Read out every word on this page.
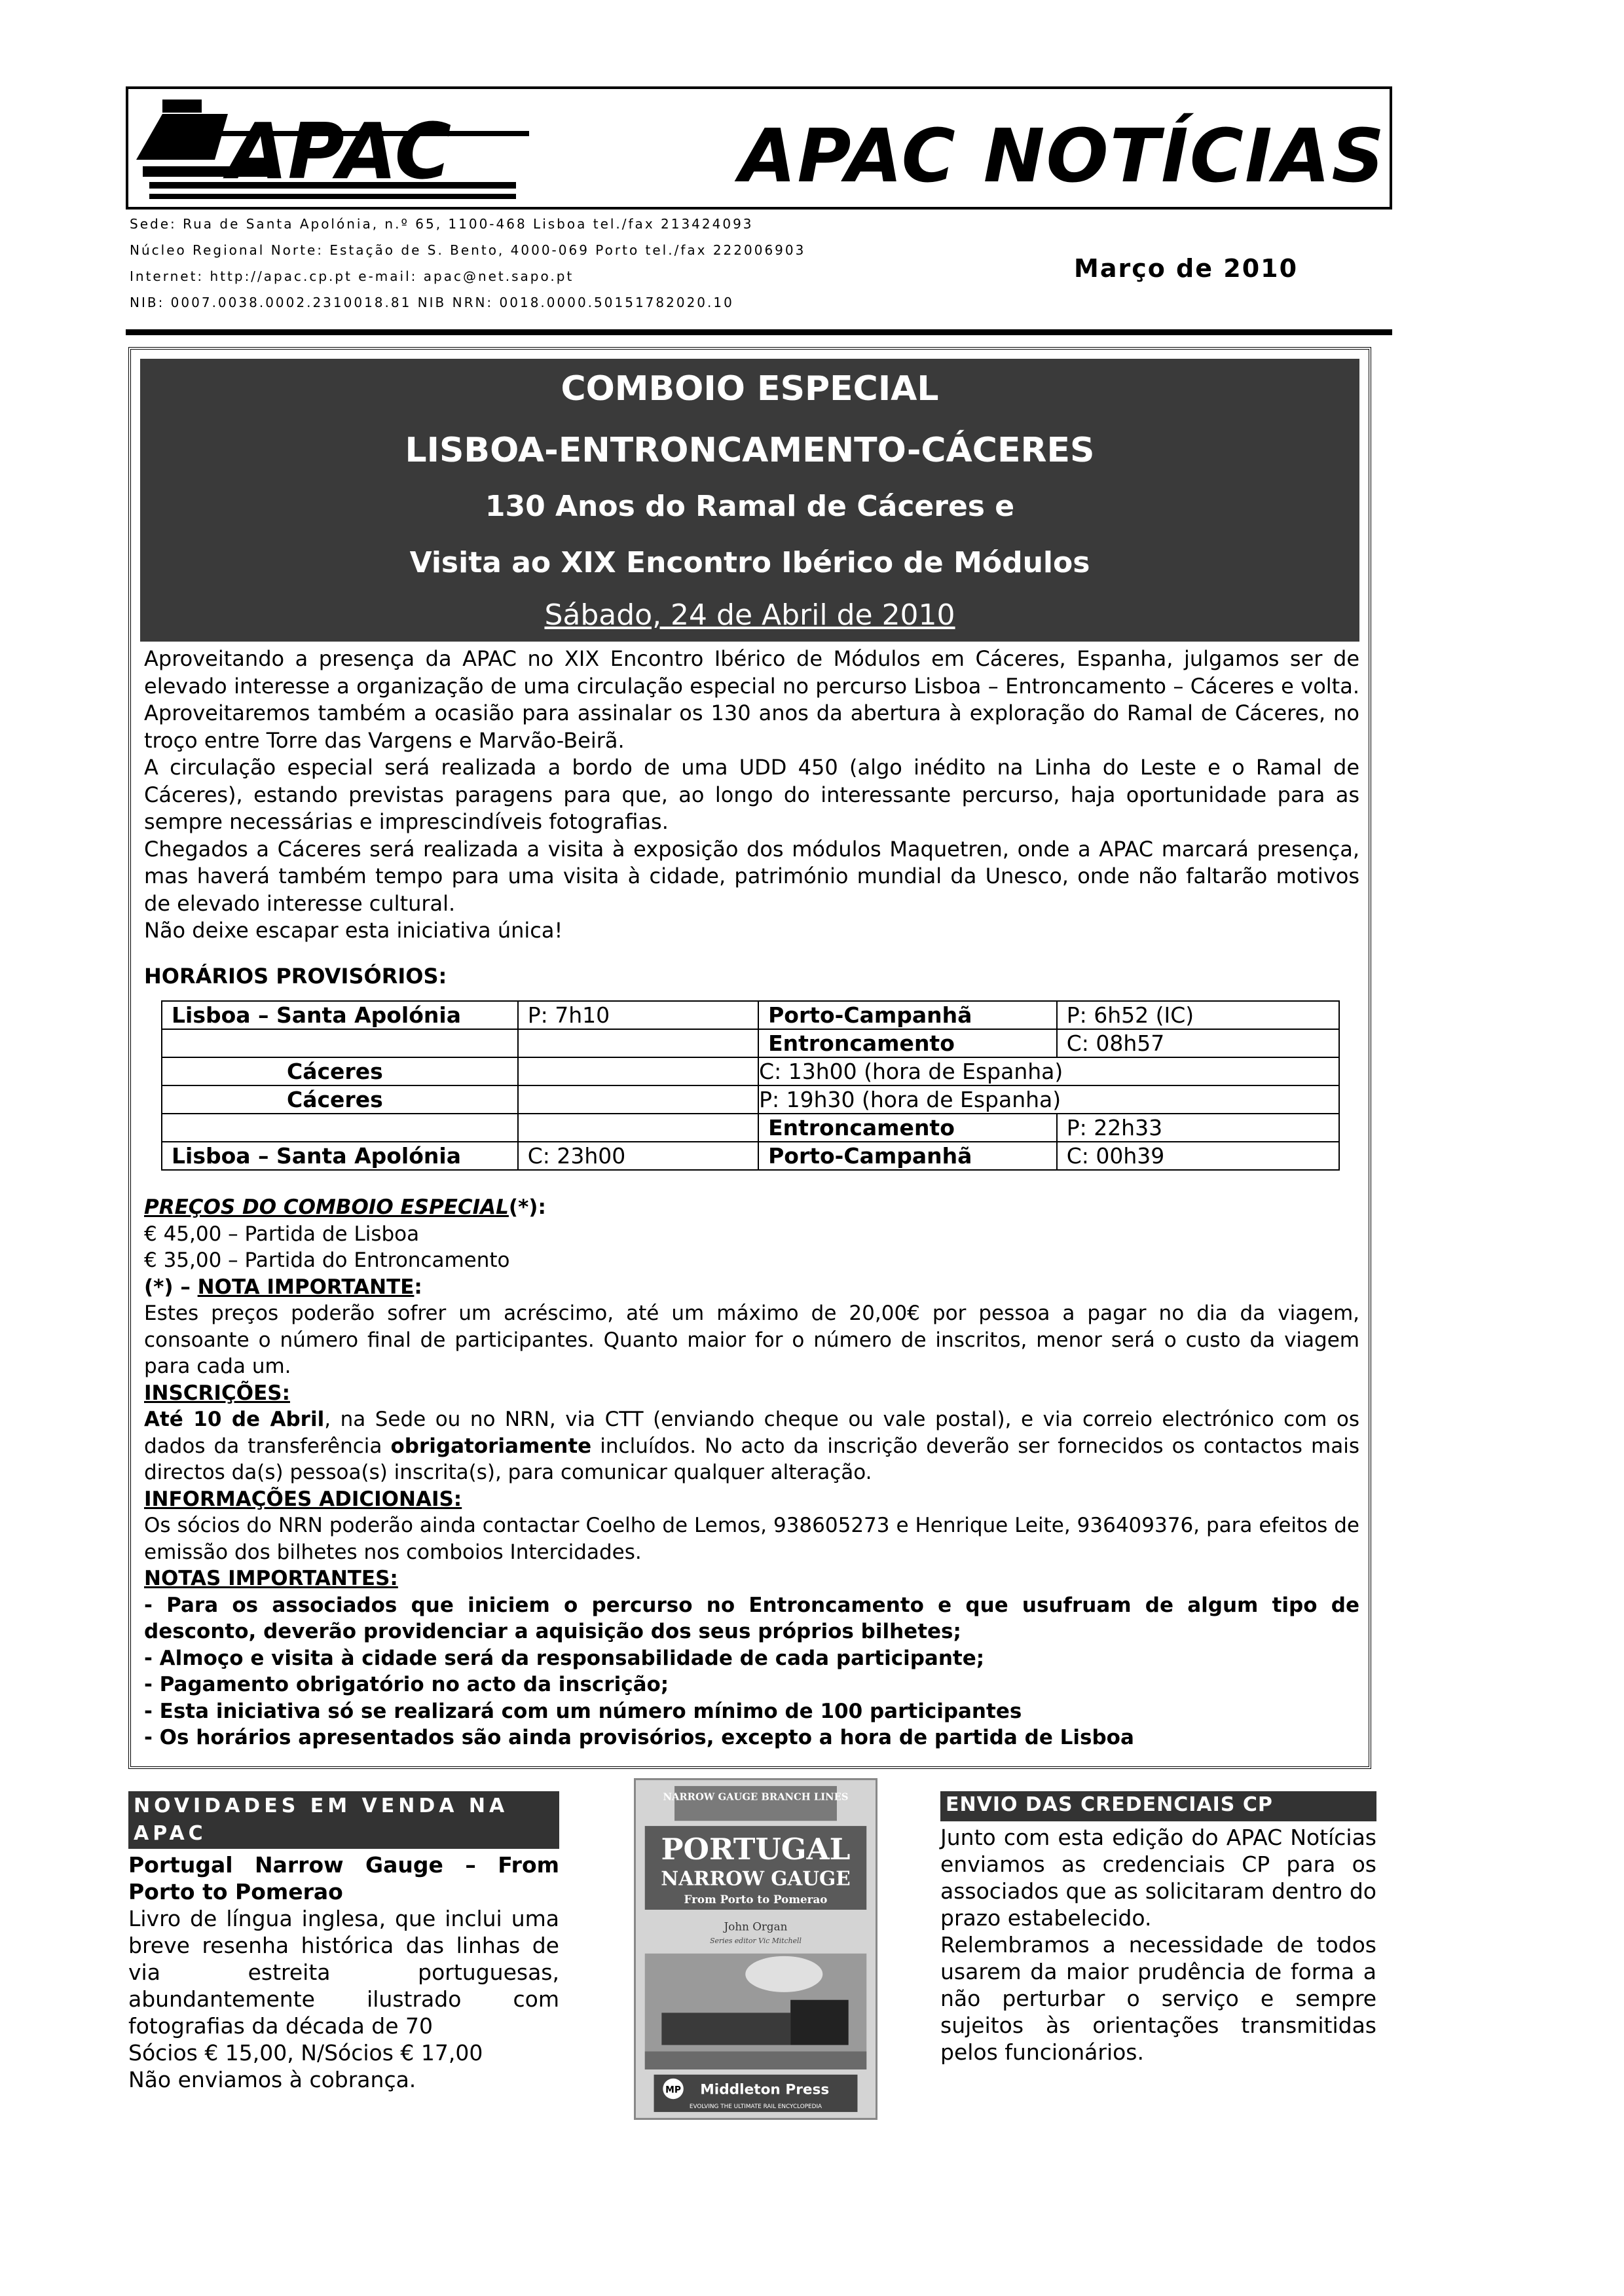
APAC	APAC NOTÍCIAS
Sede: Rua de Santa Apolónia, n.º 65, 1100-468 Lisboa tel./fax 213424093
Núcleo Regional Norte: Estação de S. Bento, 4000-069 Porto tel./fax 222006903
Internet: http://apac.cp.pt e-mail: apac@net.sapo.pt
NIB: 0007.0038.0002.2310018.81 NIB NRN: 0018.0000.50151782020.10
Março de 2010
COMBOIO ESPECIAL
LISBOA-ENTRONCAMENTO-CÁCERES
130 Anos do Ramal de Cáceres e
Visita ao XIX Encontro Ibérico de Módulos
Sábado, 24 de Abril de 2010

Aproveitando a presença da APAC no XIX Encontro Ibérico de Módulos em Cáceres, Espanha, julgamos ser de elevado interesse a organização de uma circulação especial no percurso Lisboa – Entroncamento – Cáceres e volta. Aproveitaremos também a ocasião para assinalar os 130 anos da abertura à exploração do Ramal de Cáceres, no troço entre Torre das Vargens e Marvão-Beirã.

A circulação especial será realizada a bordo de uma UDD 450 (algo inédito na Linha do Leste e o Ramal de Cáceres), estando previstas paragens para que, ao longo do interessante percurso, haja oportunidade para as sempre necessárias e imprescindíveis fotografias.

Chegados a Cáceres será realizada a visita à exposição dos módulos Maquetren, onde a APAC marcará presença, mas haverá também tempo para uma visita à cidade, património mundial da Unesco, onde não faltarão motivos de elevado interesse cultural.

Não deixe escapar esta iniciativa única!

HORÁRIOS PROVISÓRIOS:
Lisboa – Santa Apolónia	P: 7h10	Porto-Campanhã	P: 6h52 (IC)
		Entroncamento	C: 08h57
Cáceres		C: 13h00 (hora de Espanha)	
Cáceres		P: 19h30 (hora de Espanha)	
		Entroncamento	P: 22h33
Lisboa – Santa Apolónia	C: 23h00	Porto-Campanhã	C: 00h39
PREÇOS DO COMBOIO ESPECIAL(*):
€ 45,00 – Partida de Lisboa
€ 35,00 – Partida do Entroncamento
(*) – NOTA IMPORTANTE:
Estes preços poderão sofrer um acréscimo, até um máximo de 20,00€ por pessoa a pagar no dia da viagem, consoante o número final de participantes. Quanto maior for o número de inscritos, menor será o custo da viagem para cada um.
INSCRIÇÕES:
Até 10 de Abril, na Sede ou no NRN, via CTT (enviando cheque ou vale postal), e via correio electrónico com os dados da transferência obrigatoriamente incluídos. No acto da inscrição deverão ser fornecidos os contactos mais directos da(s) pessoa(s) inscrita(s), para comunicar qualquer alteração.
INFORMAÇÕES ADICIONAIS:
Os sócios do NRN poderão ainda contactar Coelho de Lemos, 938605273 e Henrique Leite, 936409376, para efeitos de emissão dos bilhetes nos comboios Intercidades.
NOTAS IMPORTANTES:
- Para os associados que iniciem o percurso no Entroncamento e que usufruam de algum tipo de desconto, deverão providenciar a aquisição dos seus próprios bilhetes;
- Almoço e visita à cidade será da responsabilidade de cada participante;
- Pagamento obrigatório no acto da inscrição;
- Esta iniciativa só se realizará com um número mínimo de 100 participantes
- Os horários apresentados são ainda provisórios, excepto a hora de partida de Lisboa
NOVIDADES EM VENDA NA APAC
Portugal Narrow Gauge – From Porto to Pomerao
Livro de língua inglesa, que inclui uma breve resenha histórica das linhas de via estreita portuguesas, abundantemente ilustrado com fotografias da década de 70
Sócios € 15,00, N/Sócios € 17,00
Não enviamos à cobrança.
NARROW GAUGE BRANCH LINES
PORTUGAL
NARROW GAUGE
From Porto to Pomerao
John Organ
Series editor Vic Mitchell
MP Middleton Press
EVOLVING THE ULTIMATE RAIL ENCYCLOPEDIA
ENVIO DAS CREDENCIAIS CP
Junto com esta edição do APAC Notícias enviamos as credenciais CP para os associados que as solicitaram dentro do prazo estabelecido.
Relembramos a necessidade de todos usarem da maior prudência de forma a não perturbar o serviço e sempre sujeitos às orientações transmitidas pelos funcionários.
